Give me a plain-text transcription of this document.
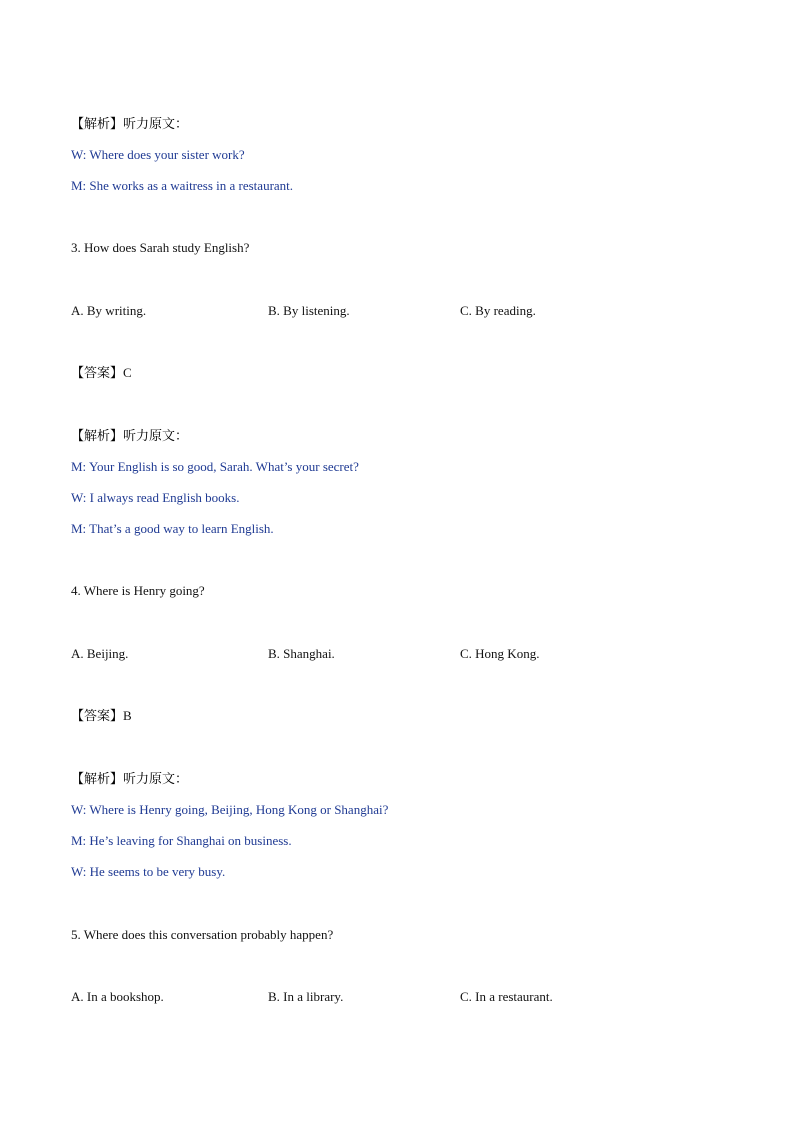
【解析】听力原文：
W: Where does your sister work?
M: She works as a waitress in a restaurant.
3. How does Sarah study English?
A. By writing.	B. By listening.	C. By reading.
【答案】C
【解析】听力原文：
M: Your English is so good, Sarah. What’s your secret?
W: I always read English books.
M: That’s a good way to learn English.
4. Where is Henry going?
A. Beijing.	B. Shanghai.	C. Hong Kong.
【答案】B
【解析】听力原文：
W: Where is Henry going, Beijing, Hong Kong or Shanghai?
M: He’s leaving for Shanghai on business.
W: He seems to be very busy.
5. Where does this conversation probably happen?
A. In a bookshop.	B. In a library.	C. In a restaurant.
